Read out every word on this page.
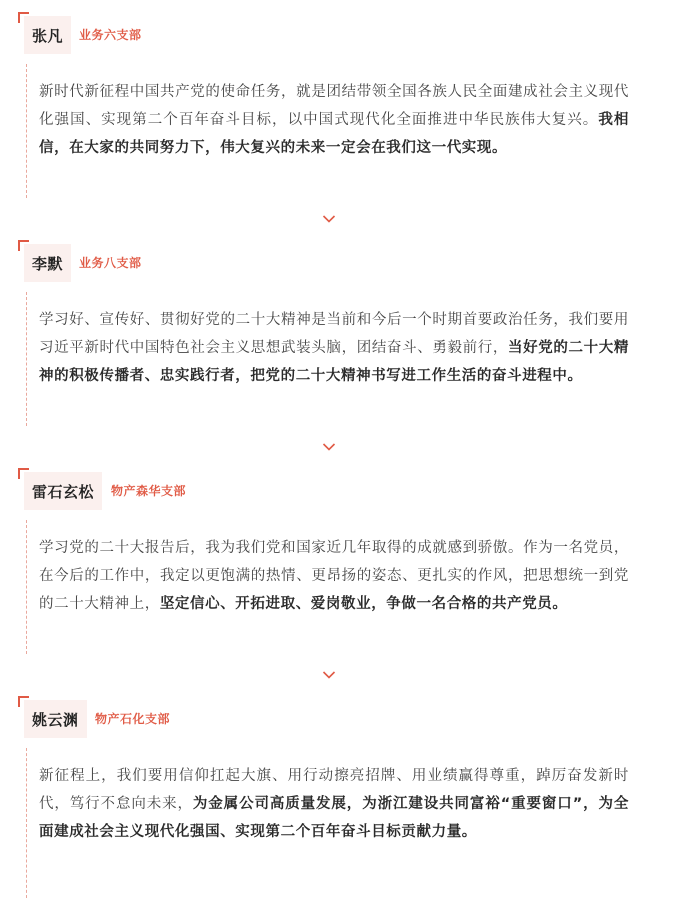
张凡 业务六支部

新时代新征程中国共产党的使命任务，就是团结带领全国各族人民全面建成社会主义现代化强国、实现第二个百年奋斗目标，以中国式现代化全面推进中华民族伟大复兴。我相信，在大家的共同努力下，伟大复兴的未来一定会在我们这一代实现。

李默 业务八支部

学习好、宣传好、贯彻好党的二十大精神是当前和今后一个时期首要政治任务，我们要用习近平新时代中国特色社会主义思想武装头脑，团结奋斗、勇毅前行，当好党的二十大精神的积极传播者、忠实践行者，把党的二十大精神书写进工作生活的奋斗进程中。

雷石玄松 物产森华支部

学习党的二十大报告后，我为我们党和国家近几年取得的成就感到骄傲。作为一名党员，在今后的工作中，我定以更饱满的热情、更昂扬的姿态、更扎实的作风，把思想统一到党的二十大精神上，坚定信心、开拓进取、爱岗敬业，争做一名合格的共产党员。

姚云渊 物产石化支部

新征程上，我们要用信仰扛起大旗、用行动擦亮招牌、用业绩赢得尊重，踔厉奋发新时代，笃行不怠向未来，为金属公司高质量发展，为浙江建设共同富裕“重要窗口”，为全面建成社会主义现代化强国、实现第二个百年奋斗目标贡献力量。
